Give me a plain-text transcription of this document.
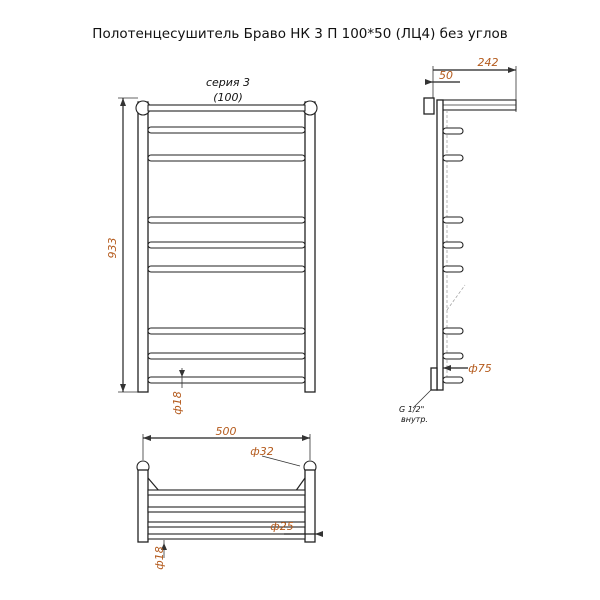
Полотенцесушитель Браво НК 3 П 100*50 (ЛЦ4) без углов
серия 3
(100)
933
ф18
242
50
ф75
G 1/2"
внутр.
500
ф32
ф25
ф18
